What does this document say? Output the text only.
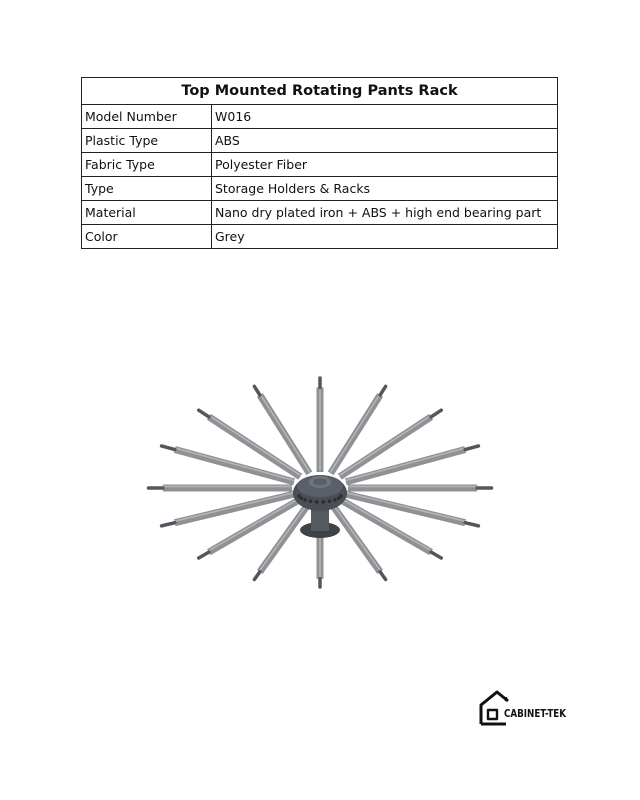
Top Mounted Rotating Pants Rack	
Model Number	W016
Plastic Type	ABS
Fabric Type	Polyester Fiber
Type	Storage Holders & Racks
Material	Nano dry plated iron + ABS + high end bearing part
Color	Grey
CABINET-TEK
